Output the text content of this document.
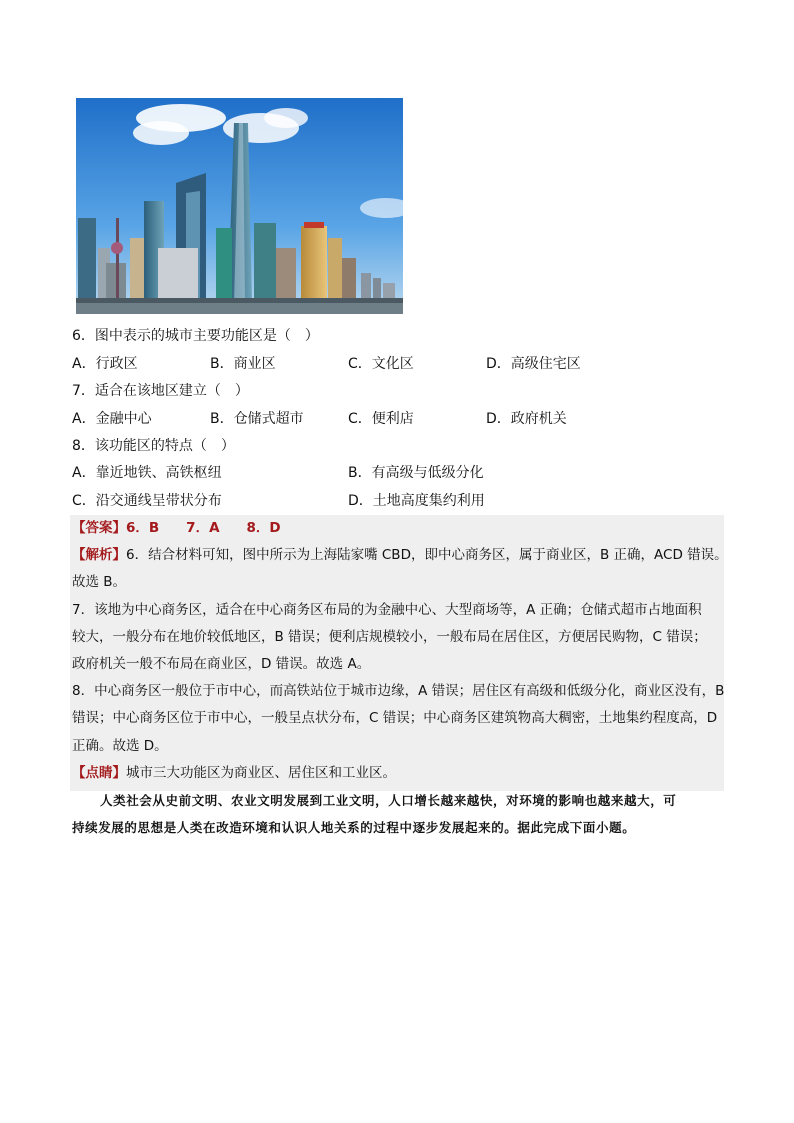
6．图中表示的城市主要功能区是（　）
A．行政区	B．商业区	C．文化区	D．高级住宅区
7．适合在该地区建立（　）
A．金融中心	B．仓储式超市	C．便利店	D．政府机关
8．该功能区的特点（　）
A．靠近地铁、高铁枢纽	B．有高级与低级分化
C．沿交通线呈带状分布	D．土地高度集约利用
【答案】6．B　　7．A　　8．D
【解析】6．结合材料可知，图中所示为上海陆家嘴 CBD，即中心商务区，属于商业区，B 正确，ACD 错误。
故选 B。
7．该地为中心商务区，适合在中心商务区布局的为金融中心、大型商场等，A 正确；仓储式超市占地面积
较大，一般分布在地价较低地区，B 错误；便利店规模较小，一般布局在居住区，方便居民购物，C 错误；
政府机关一般不布局在商业区，D 错误。故选 A。
8．中心商务区一般位于市中心，而高铁站位于城市边缘，A 错误；居住区有高级和低级分化，商业区没有，B
错误；中心商务区位于市中心，一般呈点状分布，C 错误；中心商务区建筑物高大稠密，土地集约程度高，D
正确。故选 D。
【点睛】城市三大功能区为商业区、居住区和工业区。
人类社会从史前文明、农业文明发展到工业文明，人口增长越来越快，对环境的影响也越来越大，可
持续发展的思想是人类在改造环境和认识人地关系的过程中逐步发展起来的。据此完成下面小题。
